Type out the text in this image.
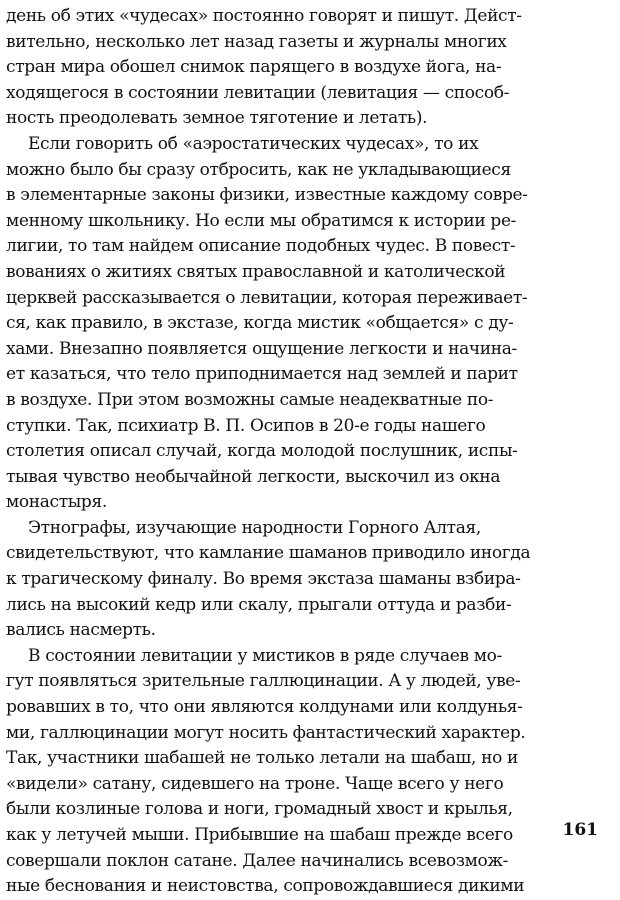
день об этих «чудесах» постоянно говорят и пишут. Дейст-
вительно, несколько лет назад газеты и журналы многих
стран мира обошел снимок парящего в воздухе йога, на-
ходящегося в состоянии левитации (левитация — способ-
ность преодолевать земное тяготение и летать).
Если говорить об «аэростатических чудесах», то их
можно было бы сразу отбросить, как не укладывающиеся
в элементарные законы физики, известные каждому совре-
менному школьнику. Но если мы обратимся к истории ре-
лигии, то там найдем описание подобных чудес. В повест-
вованиях о житиях святых православной и католической
церквей рассказывается о левитации, которая переживает-
ся, как правило, в экстазе, когда мистик «общается» с ду-
хами. Внезапно появляется ощущение легкости и начина-
ет казаться, что тело приподнимается над землей и парит
в воздухе. При этом возможны самые неадекватные по-
ступки. Так, психиатр В. П. Осипов в 20-е годы нашего
столетия описал случай, когда молодой послушник, испы-
тывая чувство необычайной легкости, выскочил из окна
монастыря.
Этнографы, изучающие народности Горного Алтая,
свидетельствуют, что камлание шаманов приводило иногда
к трагическому финалу. Во время экстаза шаманы взбира-
лись на высокий кедр или скалу, прыгали оттуда и разби-
вались насмерть.
В состоянии левитации у мистиков в ряде случаев мо-
гут появляться зрительные галлюцинации. А у людей, уве-
ровавших в то, что они являются колдунами или колдунья-
ми, галлюцинации могут носить фантастический характер.
Так, участники шабашей не только летали на шабаш, но и
«видели» сатану, сидевшего на троне. Чаще всего у него
были козлиные голова и ноги, громадный хвост и крылья,
как у летучей мыши. Прибывшие на шабаш прежде всего
совершали поклон сатане. Далее начинались всевозмож-
ные беснования и неистовства, сопровождавшиеся дикими
161
